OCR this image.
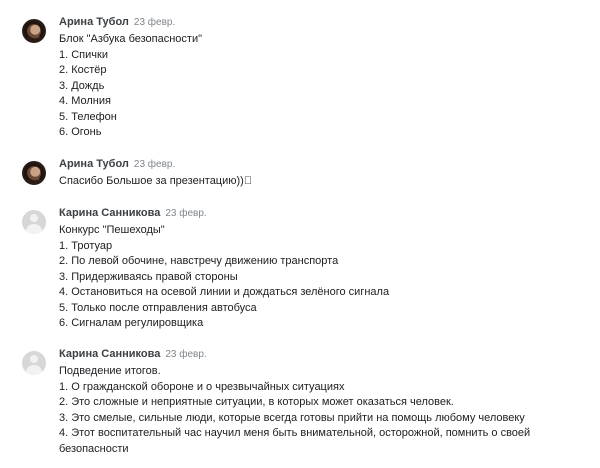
Арина Тубол 23 февр.
Блок "Азбука безопасности"
1. Спички
2. Костёр
3. Дождь
4. Молния
5. Телефон
6. Огонь
Арина Тубол 23 февр.
Спасибо Большое за презентацию))􀀀
Карина Санникова 23 февр.
Конкурс "Пешеходы"
1. Тротуар
2. По левой обочине, навстречу движению транспорта
3. Придерживаясь правой стороны
4. Остановиться на осевой линии и дождаться зелёного сигнала
5. Только после отправления автобуса
6. Сигналам регулировщика
Карина Санникова 23 февр.
Подведение итогов.
1. О гражданской обороне и о чрезвычайных ситуациях
2. Это сложные и неприятные ситуации, в которых может оказаться человек.
3. Это смелые, сильные люди, которые всегда готовы прийти на помощь любому человеку
4. Этот воспитательный час научил меня быть внимательной, осторожной, помнить о своей
безопасности
